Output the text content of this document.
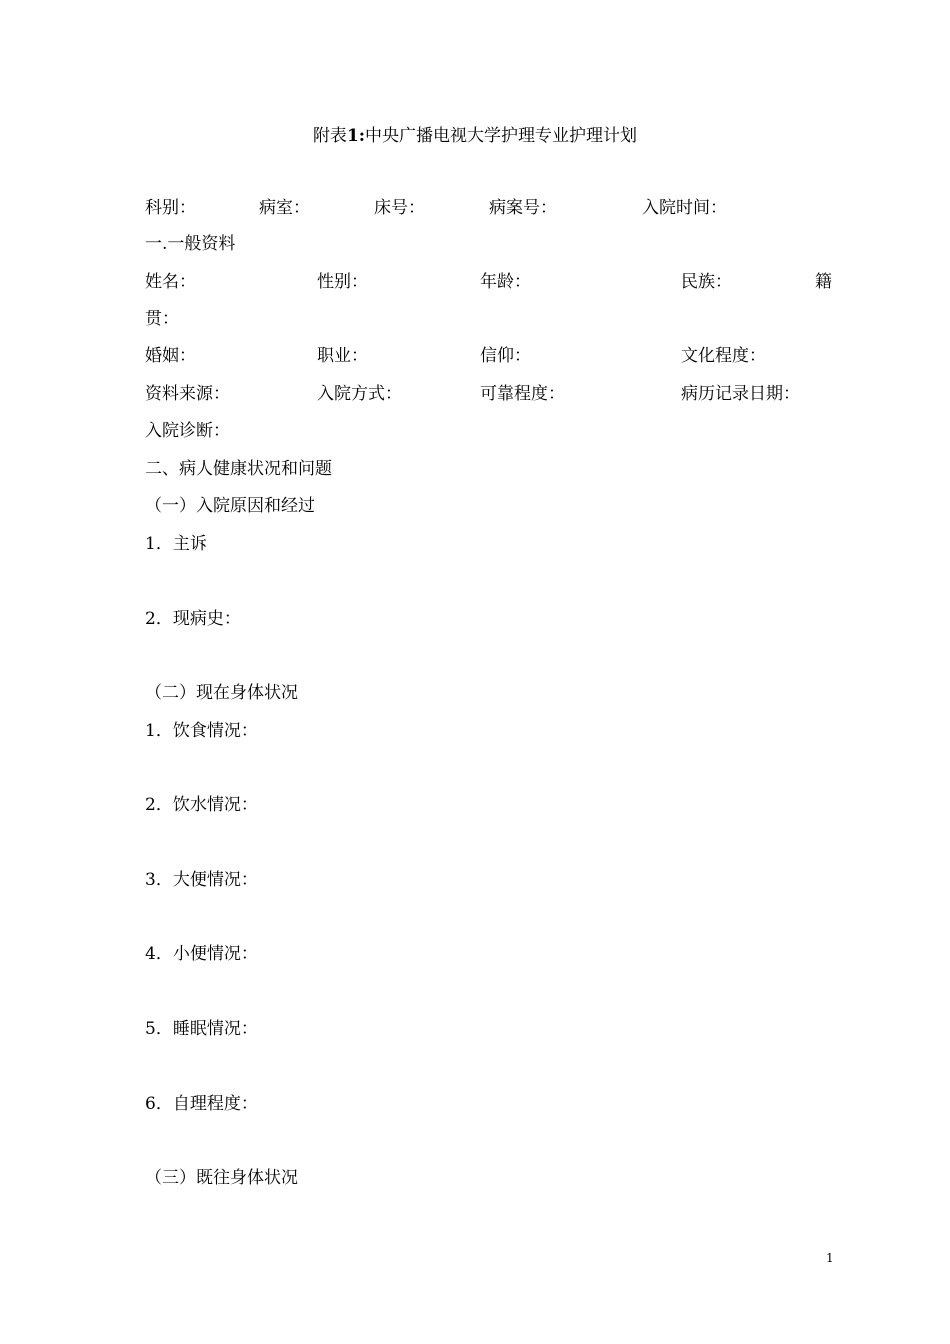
附表1:中央广播电视大学护理专业护理计划
科别：	病室：	床号：	病案号：	入院时间：
一.一般资料
姓名：	性别：	年龄：	民族：	籍
贯：
婚姻：	职业：	信仰：	文化程度：
资料来源：	入院方式：	可靠程度：	病历记录日期：
入院诊断：
二、病人健康状况和问题
（一）入院原因和经过
1．主诉
2．现病史：
（二）现在身体状况
1．饮食情况：
2．饮水情况：
3．大便情况：
4．小便情况：
5．睡眠情况：
6．自理程度：
（三）既往身体状况
1
